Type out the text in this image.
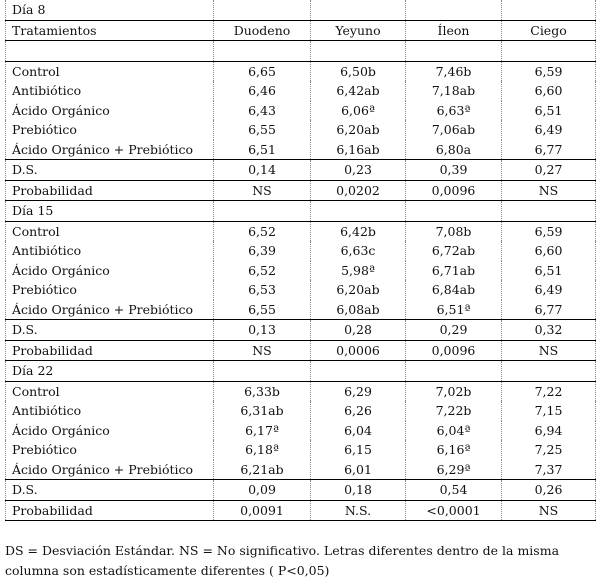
Día 8				
Tratamientos	Duodeno	Yeyuno	Íleon	Ciego

Control	6,65	6,50b	7,46b	6,59
Antibiótico	6,46	6,42ab	7,18ab	6,60
Ácido Orgánico	6,43	6,06ª	6,63ª	6,51
Prebiótico	6,55	6,20ab	7,06ab	6,49
Ácido Orgánico + Prebiótico	6,51	6,16ab	6,80a	6,77
D.S.	0,14	0,23	0,39	0,27
Probabilidad	NS	0,0202	0,0096	NS
Día 15				
Control	6,52	6,42b	7,08b	6,59
Antibiótico	6,39	6,63c	6,72ab	6,60
Ácido Orgánico	6,52	5,98ª	6,71ab	6,51
Prebiótico	6,53	6,20ab	6,84ab	6,49
Ácido Orgánico + Prebiótico	6,55	6,08ab	6,51ª	6,77
D.S.	0,13	0,28	0,29	0,32
Probabilidad	NS	0,0006	0,0096	NS
Día 22				
Control	6,33b	6,29	7,02b	7,22
Antibiótico	6,31ab	6,26	7,22b	7,15
Ácido Orgánico	6,17ª	6,04	6,04ª	6,94
Prebiótico	6,18ª	6,15	6,16ª	7,25
Ácido Orgánico + Prebiótico	6,21ab	6,01	6,29ª	7,37
D.S.	0,09	0,18	0,54	0,26
Probabilidad	0,0091	N.S.	<0,0001	NS
DS = Desviación Estándar. NS = No significativo. Letras diferentes dentro de la misma columna son estadísticamente diferentes ( P<0,05)
